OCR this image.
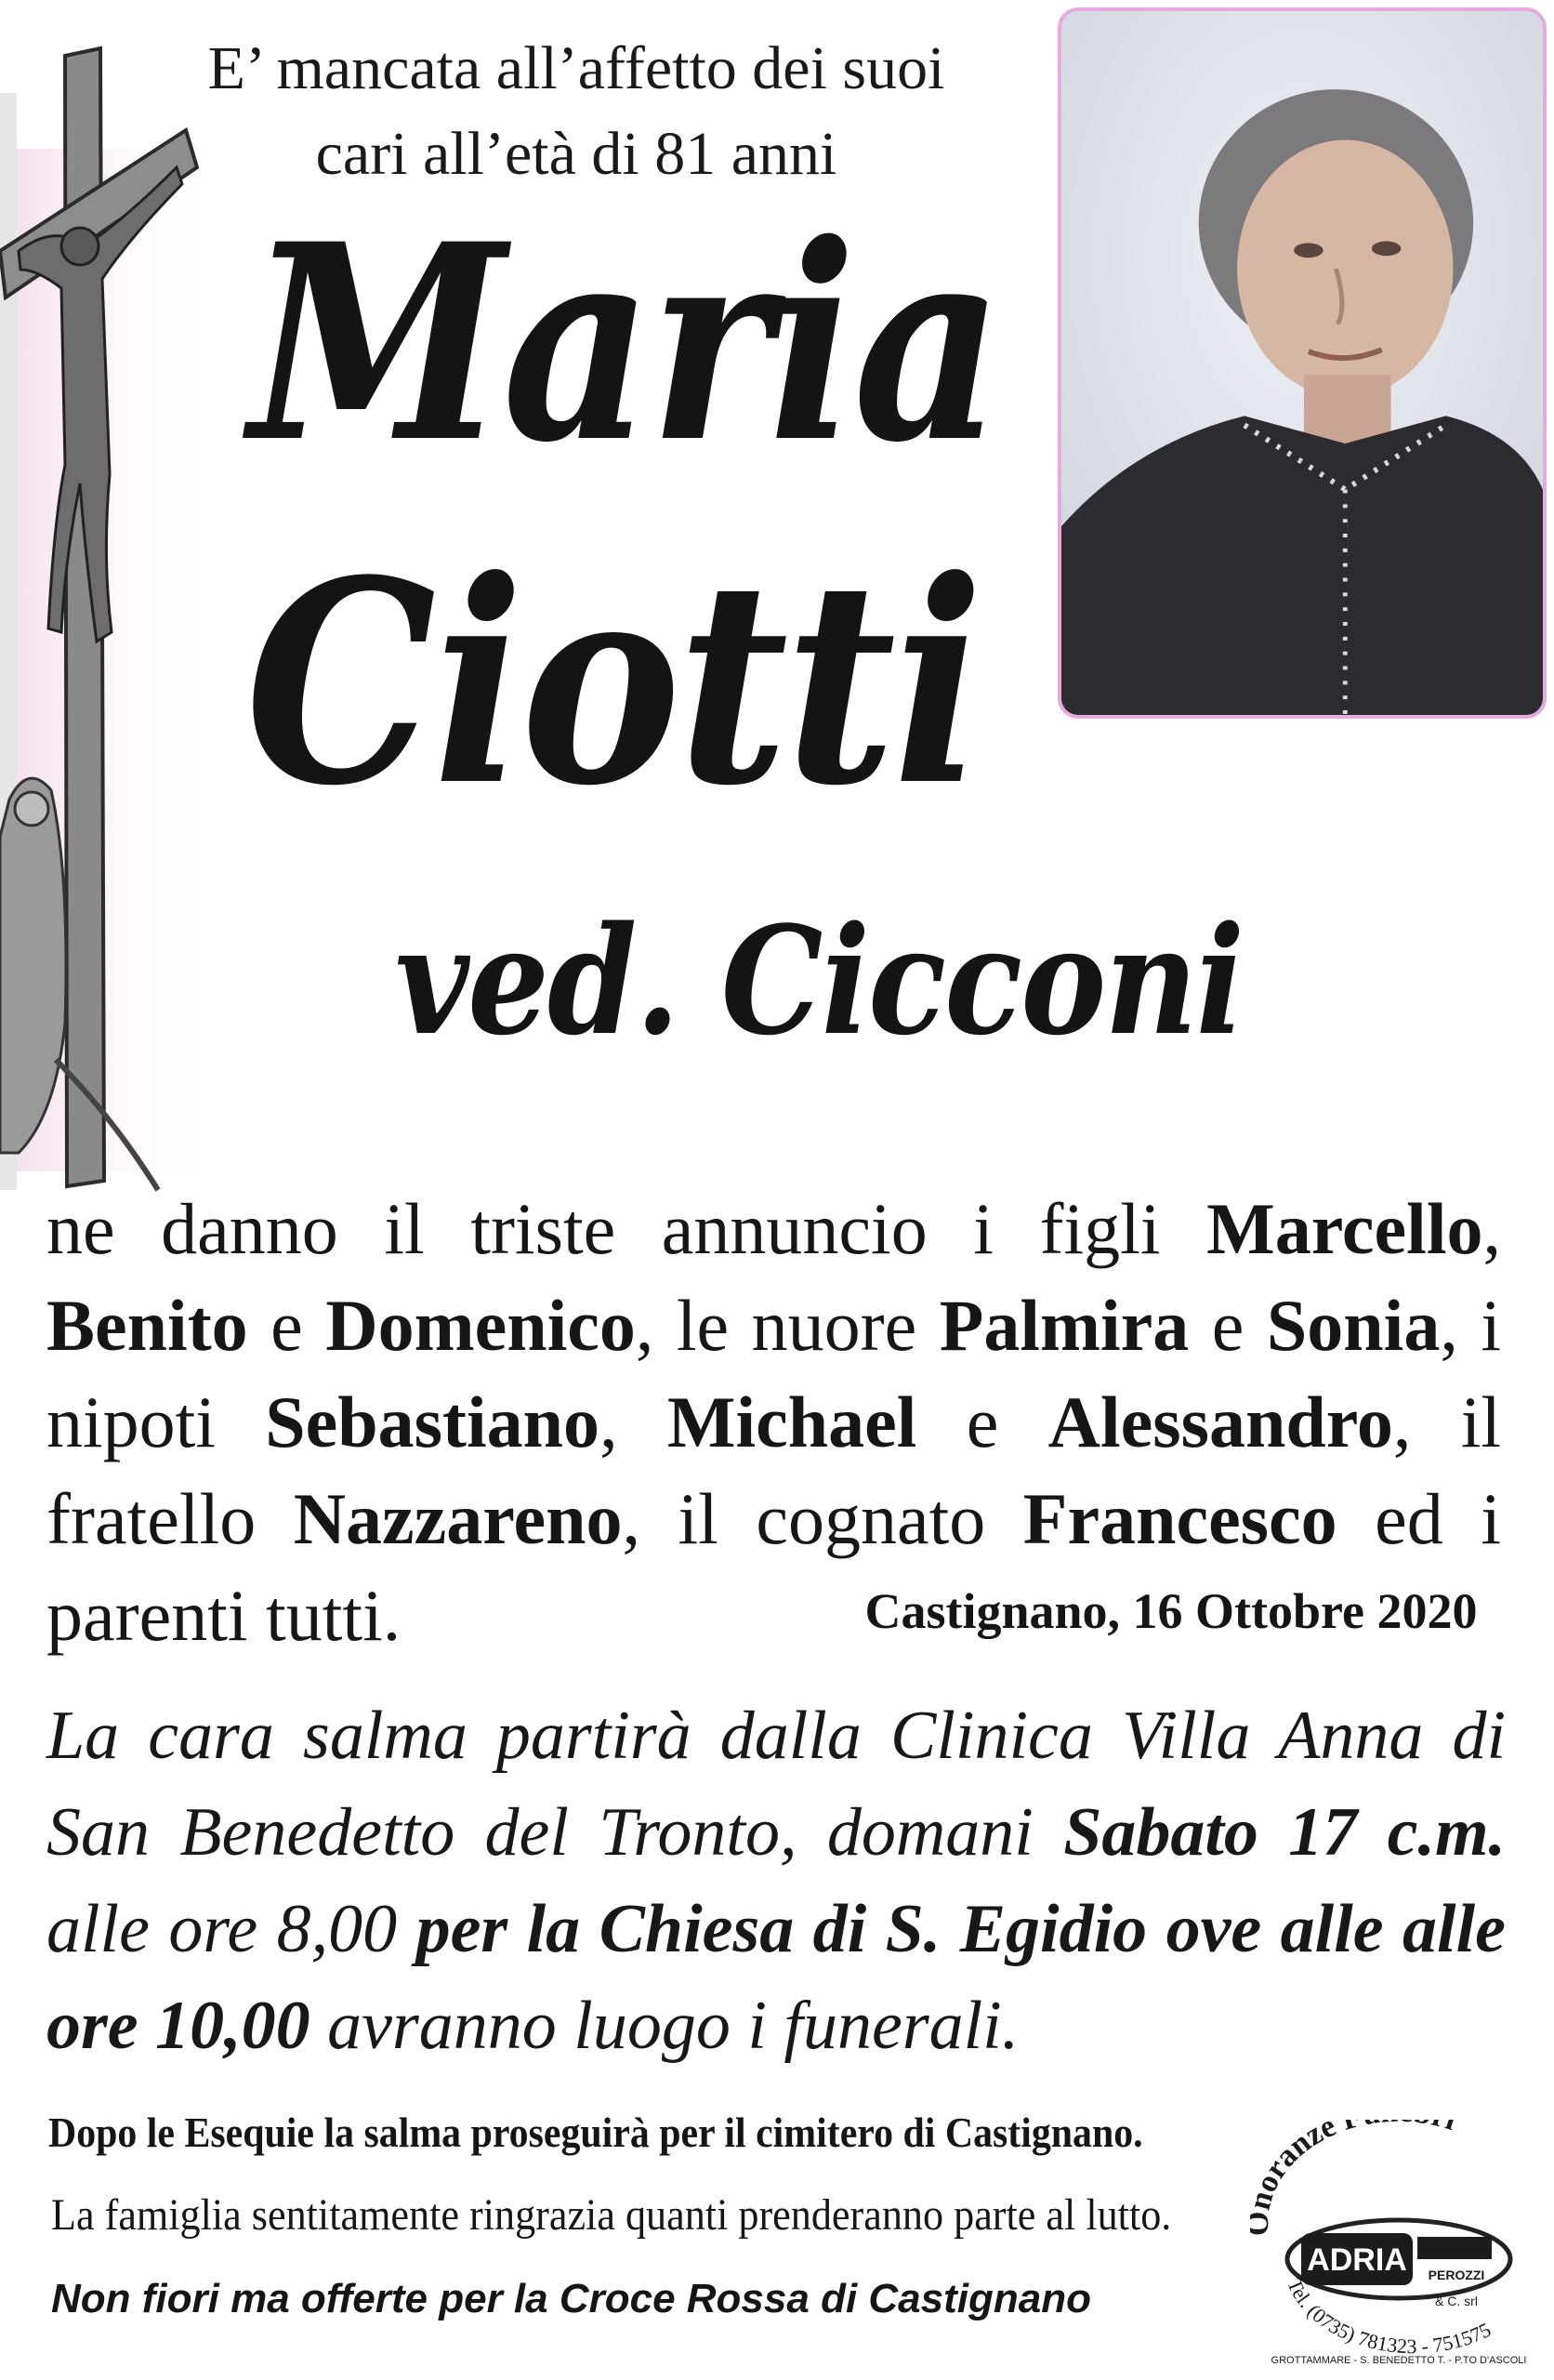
E’ mancata all’affetto dei suoi
cari all’età di 81 anni
Maria
Ciotti
ved. Cicconi
ne danno il triste annuncio i figli Marcello, Benito e Domenico, le nuore Palmira e Sonia, i nipoti Sebastiano, Michael e Alessandro, il fratello Nazzareno, il cognato Francesco ed i parenti tutti.	Castignano, 16 Ottobre 2020
La cara salma partirà dalla Clinica Villa Anna di San Benedetto del Tronto, domani Sabato 17 c.m. alle ore 8,00 per la Chiesa di S. Egidio ove alle alle ore 10,00 avranno luogo i funerali.
Dopo le Esequie la salma proseguirà per il cimitero di Castignano.
La famiglia sentitamente ringrazia quanti prenderanno parte al lutto.
Non fiori ma offerte per la Croce Rossa di Castignano
oranze
ADRIA PEROZZI
& C. srl
Tel. (0735) 781323 - 751575
GROTTAMMARE - S. BENEDETTO T. - P.TO D'ASCOLI
